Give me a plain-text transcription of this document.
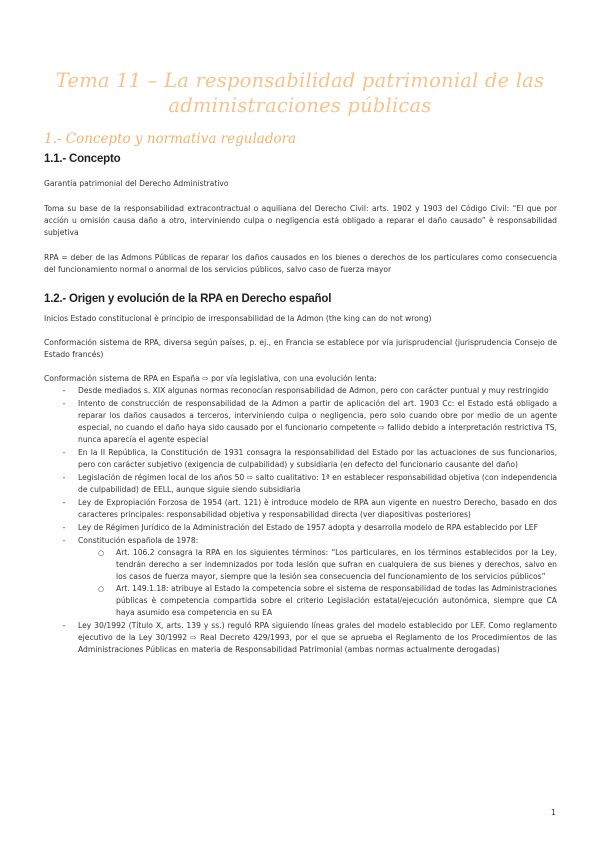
Tema 11 – La responsabilidad patrimonial de las administraciones públicas
1.- Concepto y normativa reguladora
1.1.- Concepto
Garantía patrimonial del Derecho Administrativo
Toma su base de la responsabilidad extracontractual o aquiliana del Derecho Civil: arts. 1902 y 1903 del Código Civil: “El que por acción u omisión causa daño a otro, interviniendo culpa o negligencia está obligado a reparar el daño causado” è responsabilidad subjetiva
RPA = deber de las Admons Públicas de reparar los daños causados en los bienes o derechos de los particulares como consecuencia del funcionamiento normal o anormal de los servicios públicos, salvo caso de fuerza mayor
1.2.- Origen y evolución de la RPA en Derecho español
Inicios Estado constitucional è principio de irresponsabilidad de la Admon (the king can do not wrong)
Conformación sistema de RPA, diversa según países, p. ej., en Francia se establece por vía jurisprudencial (jurisprudencia Consejo de Estado francés)
Conformación sistema de RPA en España ⇨ por vía legislativa, con una evolución lenta:
-	Desde mediados s. XIX algunas normas reconocían responsabilidad de Admon, pero con carácter puntual y muy restringido
-	Intento de construcción de responsabilidad de la Admon a partir de aplicación del art. 1903 Cc: el Estado está obligado a reparar los daños causados a terceros, interviniendo culpa o negligencia, pero solo cuando obre por medio de un agente especial, no cuando el daño haya sido causado por el funcionario competente ⇨ fallido debido a interpretación restrictiva TS, nunca aparecía el agente especial
-	En la II República, la Constitución de 1931 consagra la responsabilidad del Estado por las actuaciones de sus funcionarios, pero con carácter subjetivo (exigencia de culpabilidad) y subsidiaria (en defecto del funcionario causante del daño)
-	Legislación de régimen local de los años 50 ⇨ salto cualitativo: 1ª en establecer responsabilidad objetiva (con independencia de culpabilidad) de EELL, aunque siguie siendo subsidiaria
-	Ley de Expropiación Forzosa de 1954 (art. 121) è introduce modelo de RPA aun vigente en nuestro Derecho, basado en dos caracteres principales: responsabilidad objetiva y responsabilidad directa (ver diapositivas posteriores)
-	Ley de Régimen Jurídico de la Administración del Estado de 1957 adopta y desarrolla modelo de RPA establecido por LEF
-	Constitución española de 1978:
○ Art. 106.2 consagra la RPA en los siguientes términos: “Los particulares, en los términos establecidos por la Ley, tendrán derecho a ser indemnizados por toda lesión que sufran en cualquiera de sus bienes y derechos, salvo en los casos de fuerza mayor, siempre que la lesión sea consecuencia del funcionamiento de los servicios públicos”
○ Art. 149.1.18: atribuye al Estado la competencia sobre el sistema de responsabilidad de todas las Administraciones públicas è competencia compartida sobre el criterio Legislación estatal/ejecución autonómica, siempre que CA haya asumido esa competencia en su EA
-	Ley 30/1992 (Título X, arts. 139 y ss.) reguló RPA siguiendo líneas grales del modelo establecido por LEF. Como reglamento ejecutivo de la Ley 30/1992 ⇨ Real Decreto 429/1993, por el que se aprueba el Reglamento de los Procedimientos de las Administraciones Públicas en materia de Responsabilidad Patrimonial (ambas normas actualmente derogadas)
1
